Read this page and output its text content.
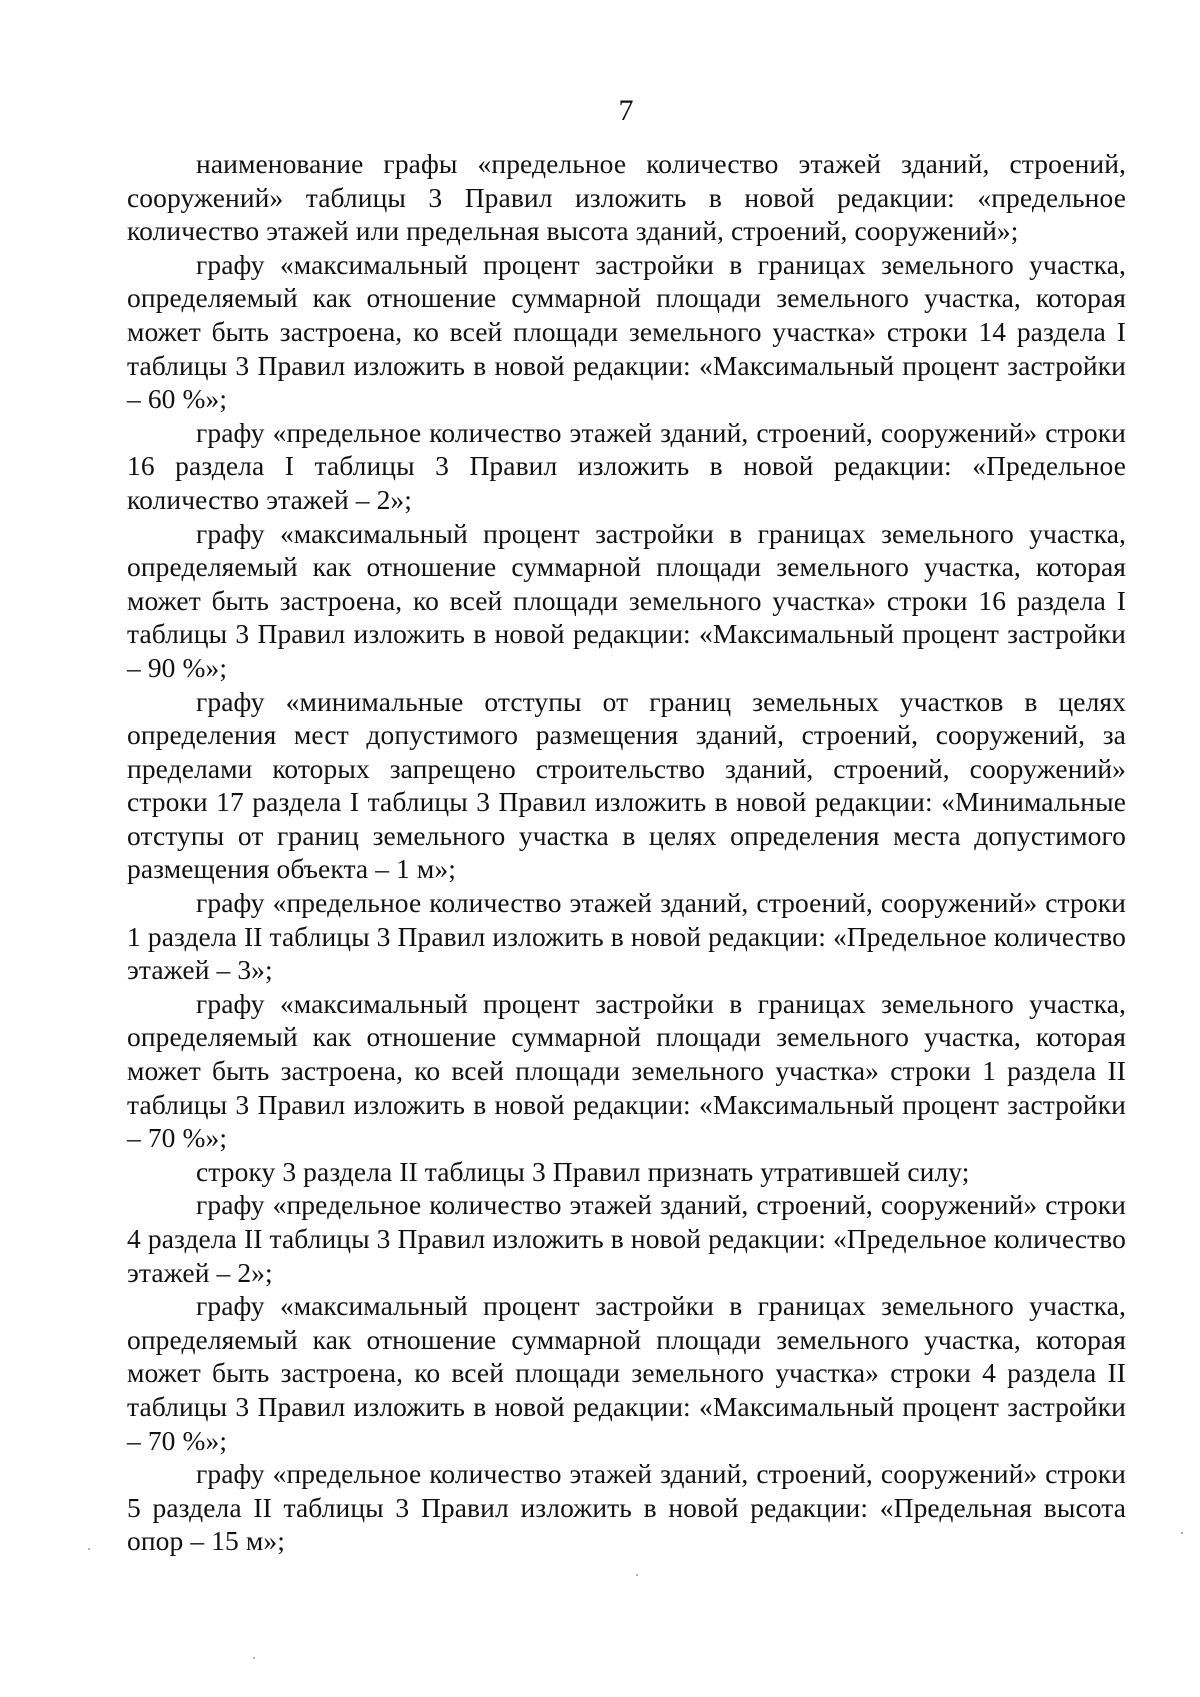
7

наименование графы «предельное количество этажей зданий, строений, сооружений» таблицы 3 Правил изложить в новой редакции: «предельное количество этажей или предельная высота зданий, строений, сооружений»;

графу «максимальный процент застройки в границах земельного участка, определяемый как отношение суммарной площади земельного участка, которая может быть застроена, ко всей площади земельного участка» строки 14 раздела I таблицы 3 Правил изложить в новой редакции: «Максимальный процент застройки – 60 %»;

графу «предельное количество этажей зданий, строений, сооружений» строки 16 раздела I таблицы 3 Правил изложить в новой редакции: «Предельное количество этажей – 2»;

графу «максимальный процент застройки в границах земельного участка, определяемый как отношение суммарной площади земельного участка, которая может быть застроена, ко всей площади земельного участка» строки 16 раздела I таблицы 3 Правил изложить в новой редакции: «Максимальный процент застройки – 90 %»;

графу «минимальные отступы от границ земельных участков в целях определения мест допустимого размещения зданий, строений, сооружений, за пределами которых запрещено строительство зданий, строений, сооружений» строки 17 раздела I таблицы 3 Правил изложить в новой редакции: «Минимальные отступы от границ земельного участка в целях определения места допустимого размещения объекта – 1 м»;

графу «предельное количество этажей зданий, строений, сооружений» строки 1 раздела II таблицы 3 Правил изложить в новой редакции: «Предельное количество этажей – 3»;

графу «максимальный процент застройки в границах земельного участка, определяемый как отношение суммарной площади земельного участка, которая может быть застроена, ко всей площади земельного участка» строки 1 раздела II таблицы 3 Правил изложить в новой редакции: «Максимальный процент застройки – 70 %»;

строку 3 раздела II таблицы 3 Правил признать утратившей силу;

графу «предельное количество этажей зданий, строений, сооружений» строки 4 раздела II таблицы 3 Правил изложить в новой редакции: «Предельное количество этажей – 2»;

графу «максимальный процент застройки в границах земельного участка, определяемый как отношение суммарной площади земельного участка, которая может быть застроена, ко всей площади земельного участка» строки 4 раздела II таблицы 3 Правил изложить в новой редакции: «Максимальный процент застройки – 70 %»;

графу «предельное количество этажей зданий, строений, сооружений» строки 5 раздела II таблицы 3 Правил изложить в новой редакции: «Предельная высота опор – 15 м»;
